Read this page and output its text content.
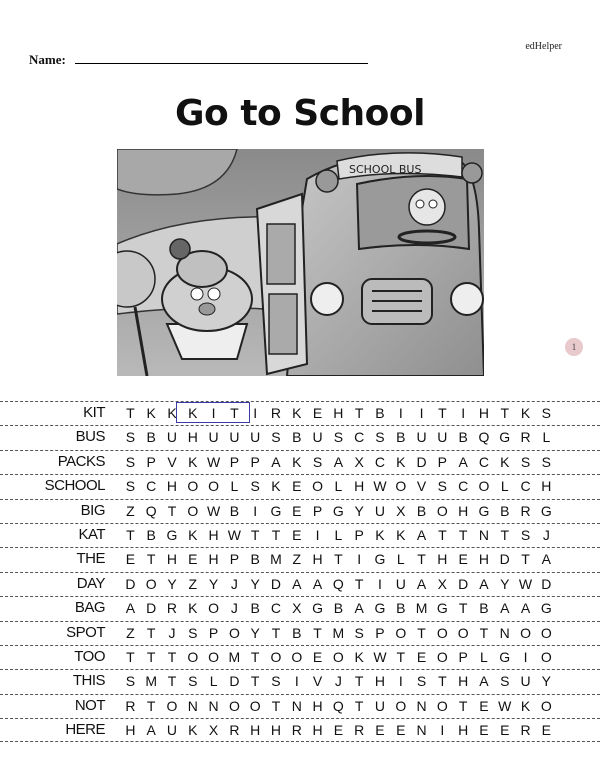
edHelper
Name:
Go to School
SCHOOL BUS
1
KIT	T K K K	I	T	I R K E H T B	I	I	T	I H T K S
BUS	S B U H U U U S B U S C S B U U B Q G R L
PACKS	S P V K W P P A K S A X C K D P A C K S S
SCHOOL	S C H O O L S K E O L H W O V S C O L C H
BIG	Z Q T O W B	I G E P G Y U X B O H G B R G
KAT	T B G K H W T T E	I	L P K K A T T N T S J
THE	E T H E H P B M Z H T	I G L T H E H D T A
DAY	D O Y Z Y J Y D A A Q T	I U A X D A Y W D
BAG	A D R K O J B C X G B A G B M G T B A A G
SPOT	Z T J S P O Y T B T M S P O T O O T N O O
TOO	T T T O O M T O O E O K W T E O P L G I O
THIS	S M T S L D T S	I	V J T H I	S T H A S U Y
NOT	R T O N N O O T N H Q T U O N O T E W K O
HERE	H A U K X R H H R H E R E E N I H E E R E
